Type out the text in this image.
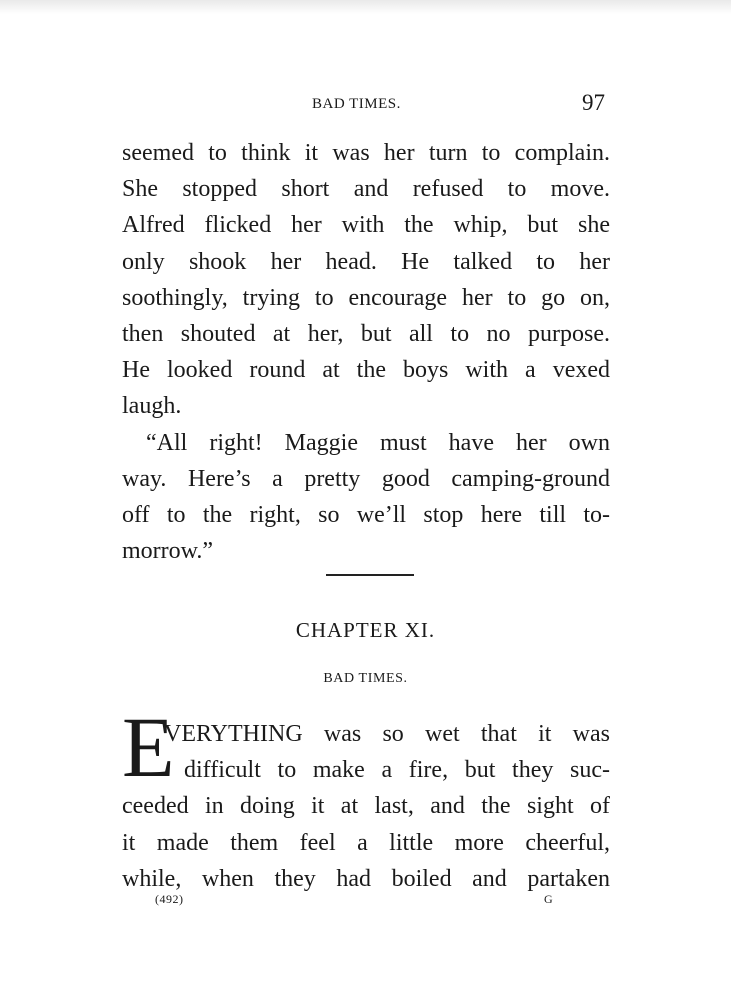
BAD TIMES.	97
seemed to think it was her turn to complain.
She stopped short and refused to move.
Alfred flicked her with the whip, but she
only shook her head. He talked to her
soothingly, trying to encourage her to go on,
then shouted at her, but all to no purpose.
He looked round at the boys with a vexed
laugh.
“All right! Maggie must have her own
way. Here’s a pretty good camping-ground
off to the right, so we’ll stop here till to-
morrow.”
CHAPTER XI.
BAD TIMES.
E
VERYTHING was so wet that it was
difficult to make a fire, but they suc-
ceeded in doing it at last, and the sight of
it made them feel a little more cheerful,
while, when they had boiled and partaken
(492)	G
